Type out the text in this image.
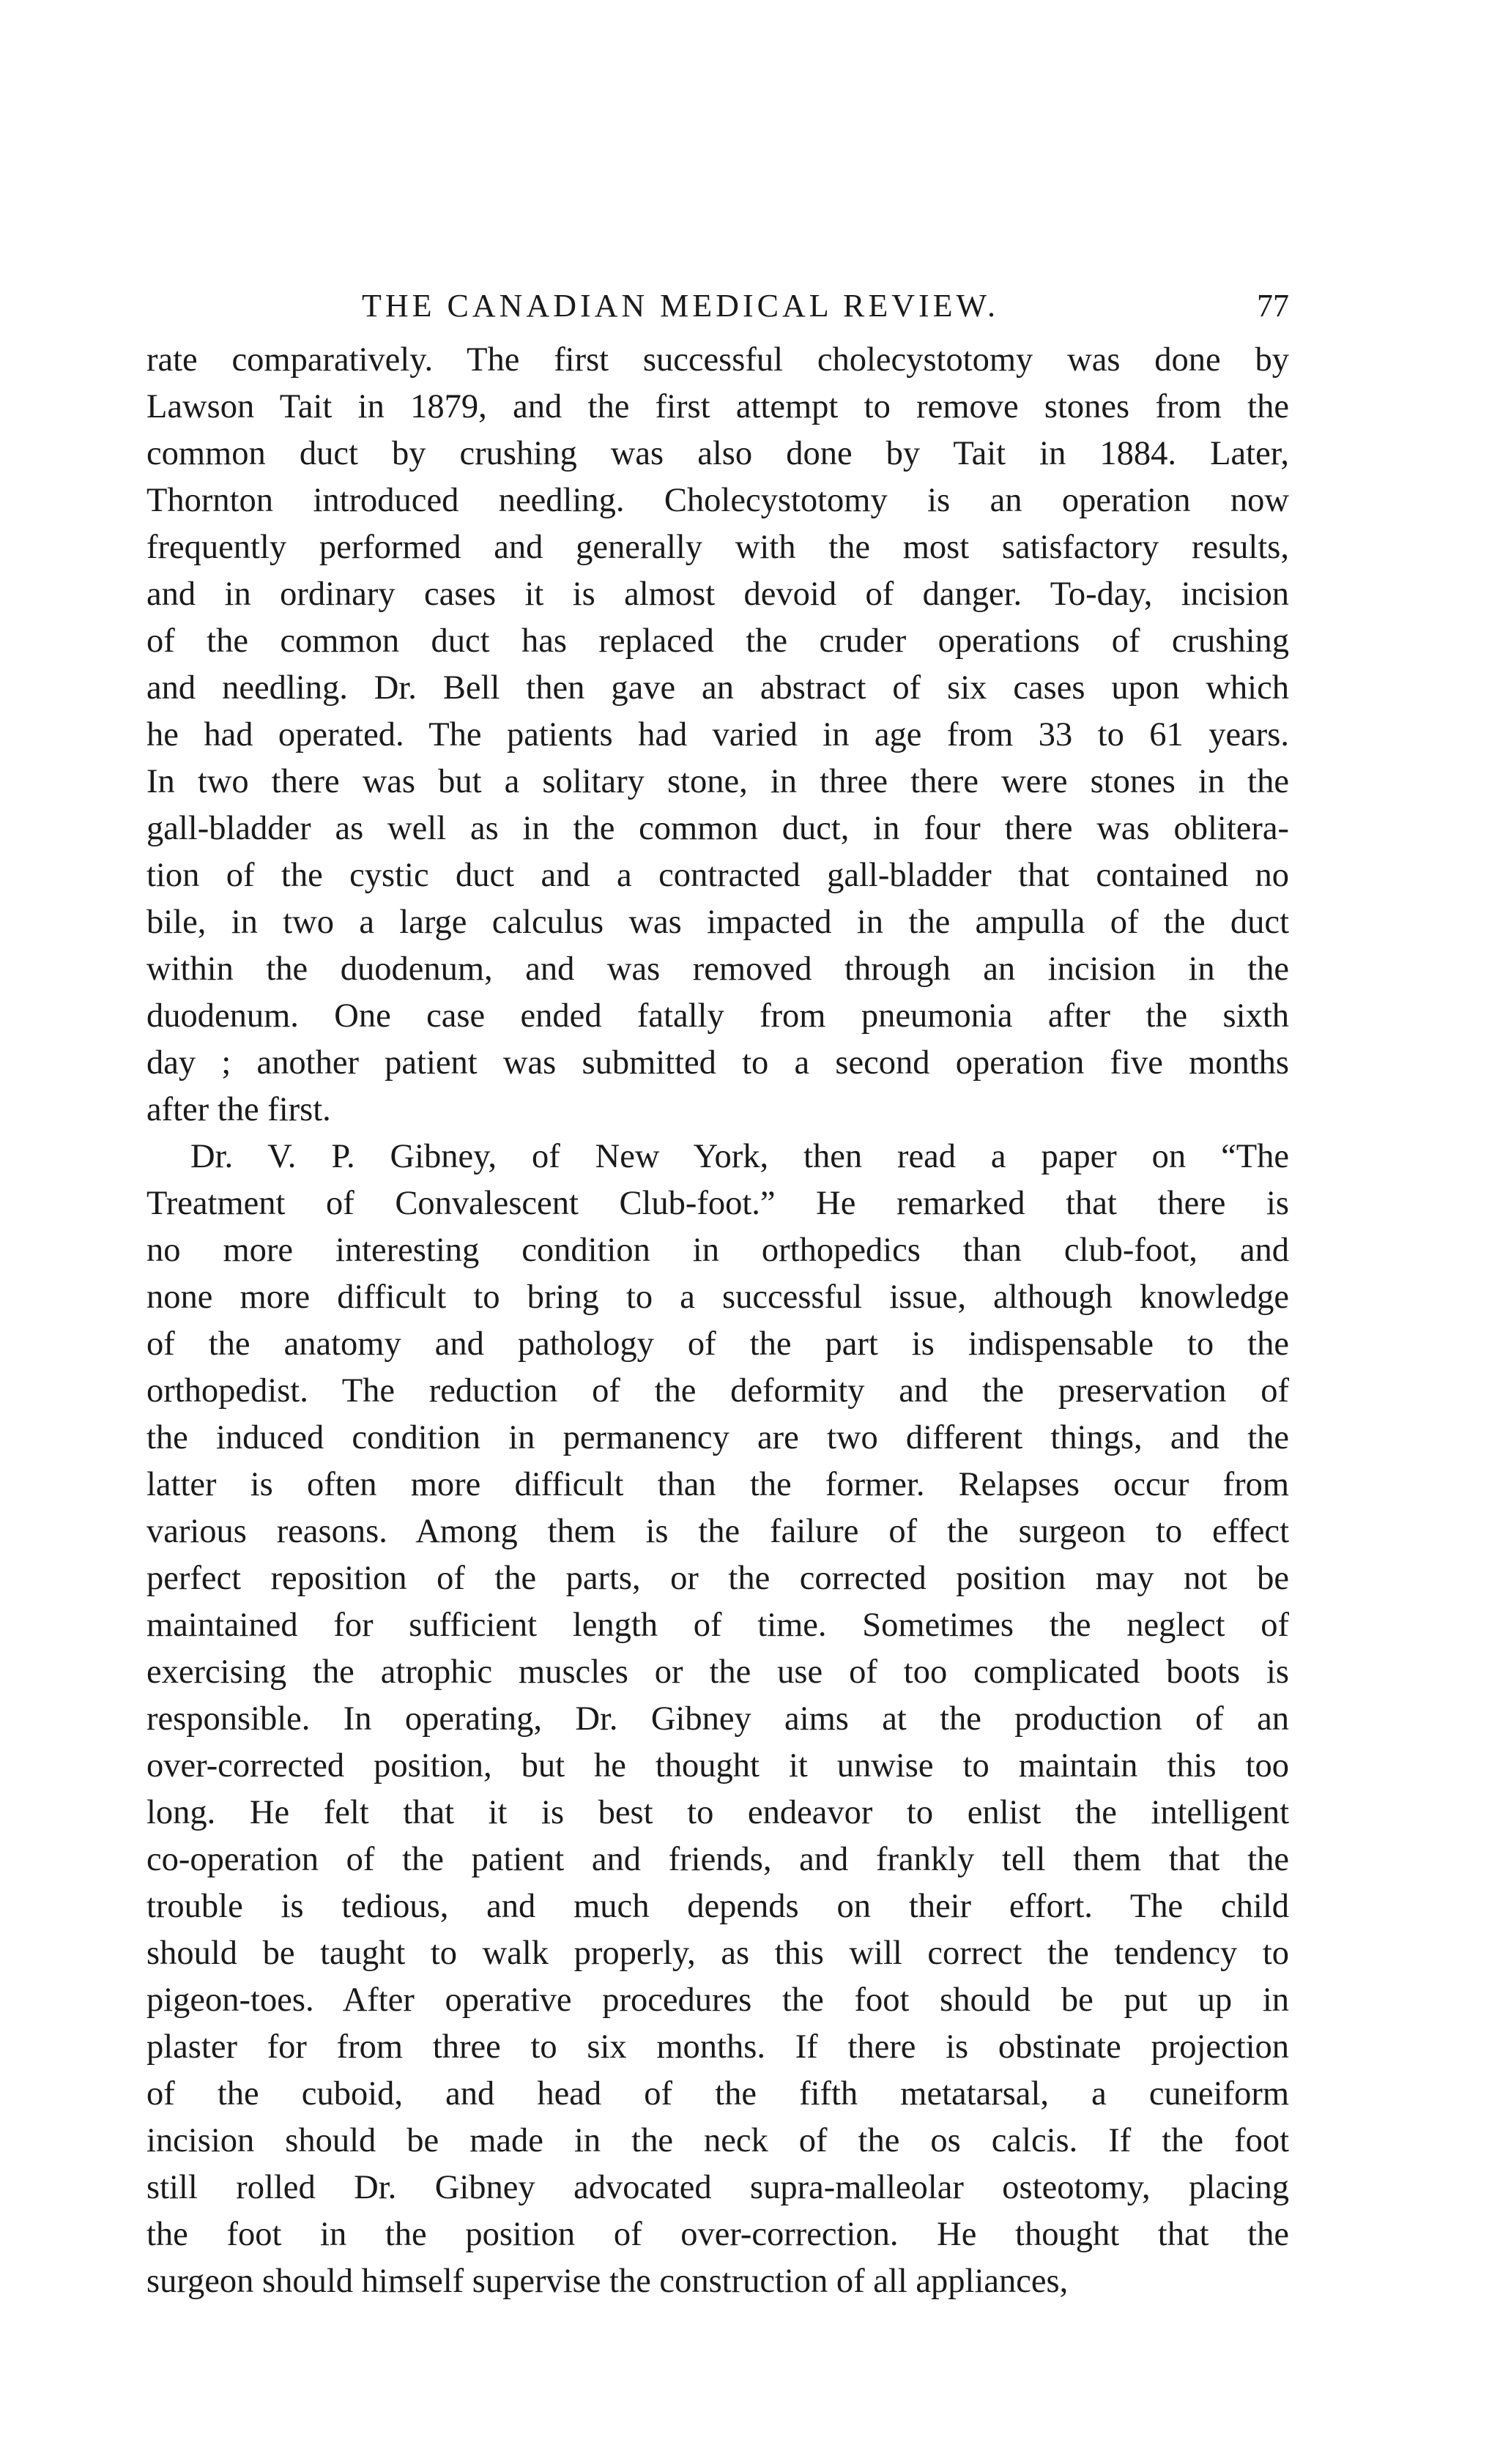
THE CANADIAN MEDICAL REVIEW.	77
rate comparatively. The first successful cholecystotomy was done by
Lawson Tait in 1879, and the first attempt to remove stones from the
common duct by crushing was also done by Tait in 1884. Later,
Thornton introduced needling. Cholecystotomy is an operation now
frequently performed and generally with the most satisfactory results,
and in ordinary cases it is almost devoid of danger. To-day, incision
of the common duct has replaced the cruder operations of crushing
and needling. Dr. Bell then gave an abstract of six cases upon which
he had operated. The patients had varied in age from 33 to 61 years.
In two there was but a solitary stone, in three there were stones in the
gall-bladder as well as in the common duct, in four there was oblitera-
tion of the cystic duct and a contracted gall-bladder that contained no
bile, in two a large calculus was impacted in the ampulla of the duct
within the duodenum, and was removed through an incision in the
duodenum. One case ended fatally from pneumonia after the sixth
day ; another patient was submitted to a second operation five months
after the first.
Dr. V. P. Gibney, of New York, then read a paper on “The
Treatment of Convalescent Club-foot.” He remarked that there is
no more interesting condition in orthopedics than club-foot, and
none more difficult to bring to a successful issue, although knowledge
of the anatomy and pathology of the part is indispensable to the
orthopedist. The reduction of the deformity and the preservation of
the induced condition in permanency are two different things, and the
latter is often more difficult than the former. Relapses occur from
various reasons. Among them is the failure of the surgeon to effect
perfect reposition of the parts, or the corrected position may not be
maintained for sufficient length of time. Sometimes the neglect of
exercising the atrophic muscles or the use of too complicated boots is
responsible. In operating, Dr. Gibney aims at the production of an
over-corrected position, but he thought it unwise to maintain this too
long. He felt that it is best to endeavor to enlist the intelligent
co-operation of the patient and friends, and frankly tell them that the
trouble is tedious, and much depends on their effort. The child
should be taught to walk properly, as this will correct the tendency to
pigeon-toes. After operative procedures the foot should be put up in
plaster for from three to six months. If there is obstinate projection
of the cuboid, and head of the fifth metatarsal, a cuneiform
incision should be made in the neck of the os calcis. If the foot
still rolled Dr. Gibney advocated supra-malleolar osteotomy, placing
the foot in the position of over-correction. He thought that the
surgeon should himself supervise the construction of all appliances,
